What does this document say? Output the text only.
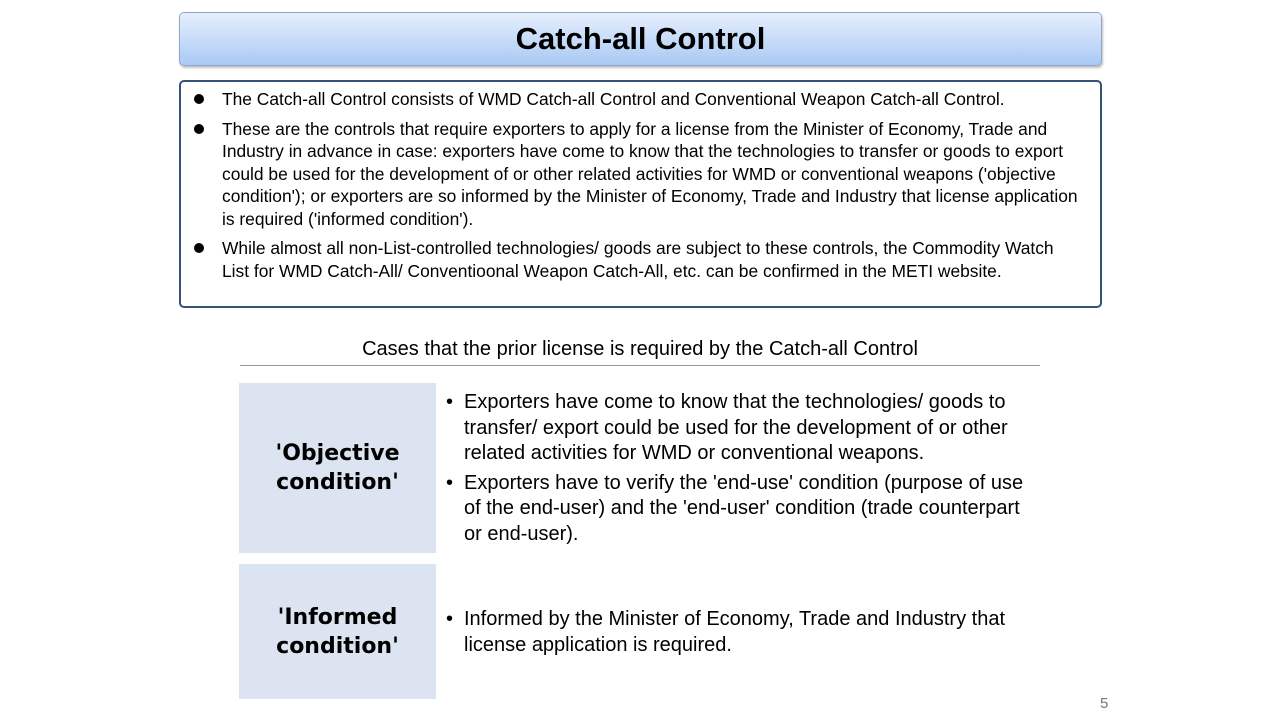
Catch-all Control
The Catch-all Control consists of WMD Catch-all Control and Conventional Weapon Catch-all Control.
These are the controls that require exporters to apply for a license from the Minister of Economy, Trade and Industry in advance in case: exporters have come to know that the technologies to transfer or goods to export could be used for the development of or other related activities for WMD or conventional weapons ('objective condition'); or exporters are so informed by the Minister of Economy, Trade and Industry that license application is required ('informed condition').
While almost all non-List-controlled technologies/ goods are subject to these controls, the Commodity Watch List for WMD Catch-All/ Conventioonal Weapon Catch-All, etc. can be confirmed in the METI website.
Cases that the prior license is required by the Catch-all Control
'Objective condition'
• Exporters have come to know that the technologies/ goods to transfer/ export could be used for the development of or other related activities for WMD or conventional weapons.
• Exporters have to verify the 'end-use' condition (purpose of use of the end-user) and the 'end-user' condition (trade counterpart or end-user).
'Informed condition'
• Informed by the Minister of Economy, Trade and Industry that license application is required.
5
